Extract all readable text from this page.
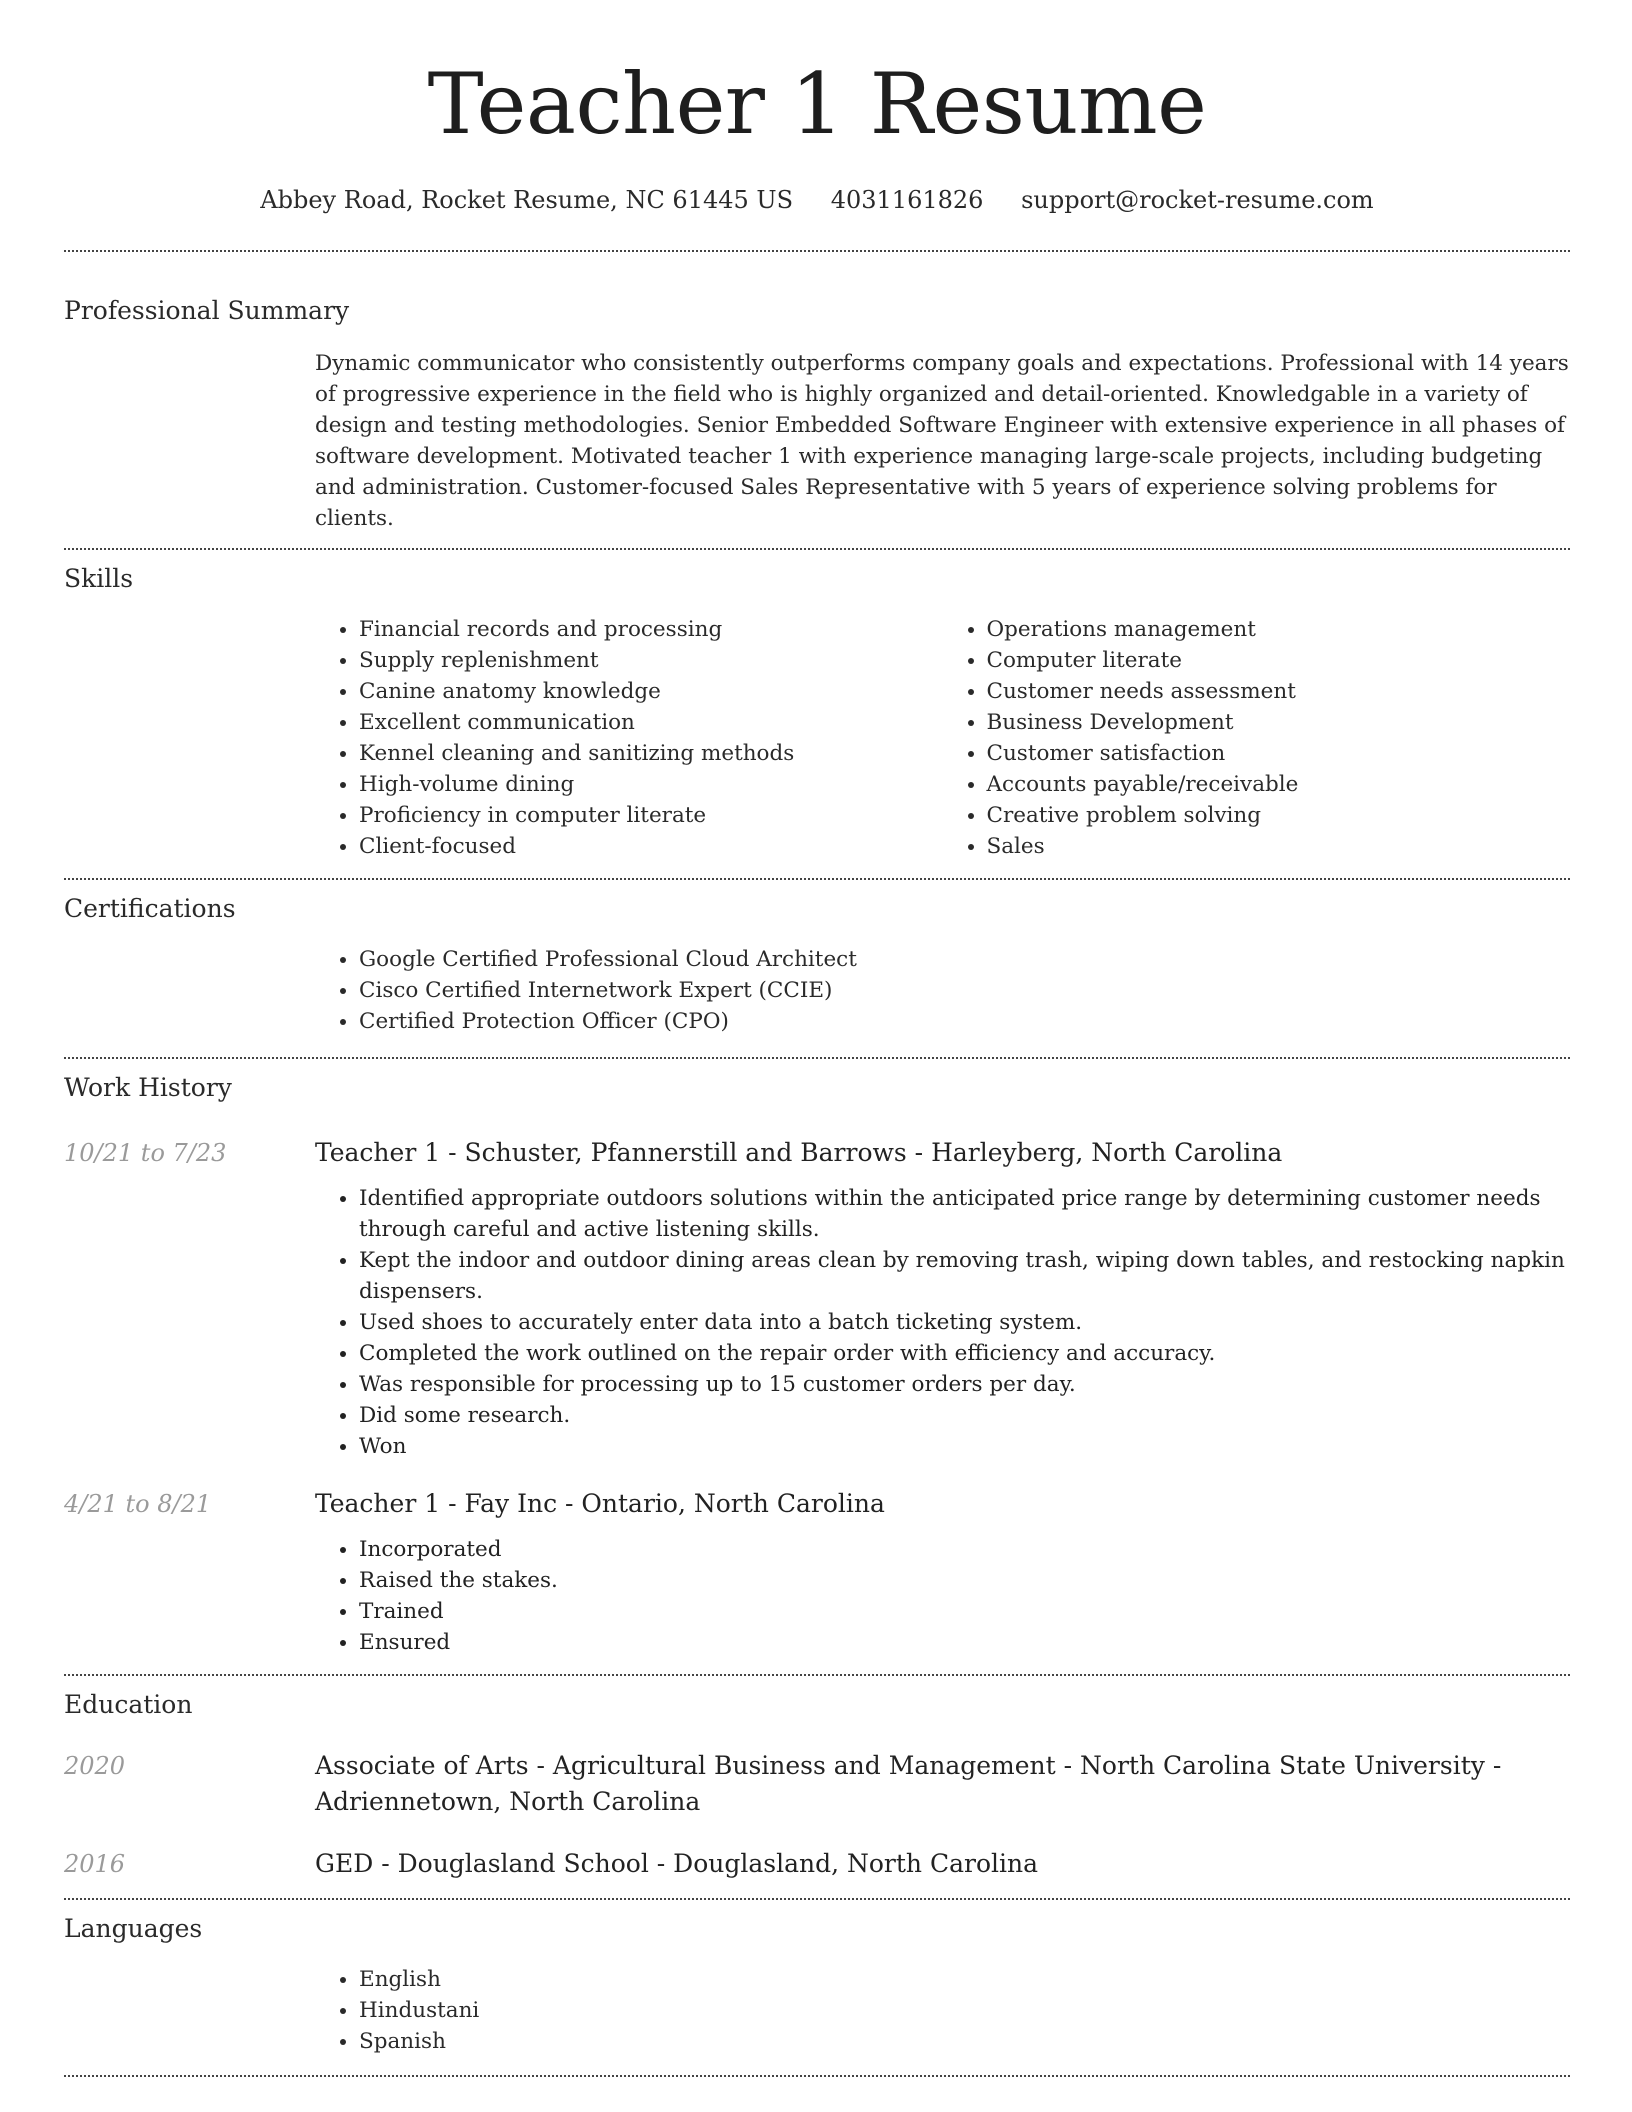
Teacher 1 Resume
Abbey Road, Rocket Resume, NC 61445 US 4031161826 support@rocket-resume.com
Professional Summary
Dynamic communicator who consistently outperforms company goals and expectations. Professional with 14 years of progressive experience in the field who is highly organized and detail-oriented. Knowledgable in a variety of design and testing methodologies. Senior Embedded Software Engineer with extensive experience in all phases of software development. Motivated teacher 1 with experience managing large-scale projects, including budgeting and administration. Customer-focused Sales Representative with 5 years of experience solving problems for clients.
Skills
• Financial records and processing
• Supply replenishment
• Canine anatomy knowledge
• Excellent communication
• Kennel cleaning and sanitizing methods
• High-volume dining
• Proficiency in computer literate
• Client-focused
• Operations management
• Computer literate
• Customer needs assessment
• Business Development
• Customer satisfaction
• Accounts payable/receivable
• Creative problem solving
• Sales
Certifications
• Google Certified Professional Cloud Architect
• Cisco Certified Internetwork Expert (CCIE)
• Certified Protection Officer (CPO)
Work History
10/21 to 7/23	Teacher 1 - Schuster, Pfannerstill and Barrows - Harleyberg, North Carolina
• Identified appropriate outdoors solutions within the anticipated price range by determining customer needs through careful and active listening skills.
• Kept the indoor and outdoor dining areas clean by removing trash, wiping down tables, and restocking napkin dispensers.
• Used shoes to accurately enter data into a batch ticketing system.
• Completed the work outlined on the repair order with efficiency and accuracy.
• Was responsible for processing up to 15 customer orders per day.
• Did some research.
• Won
4/21 to 8/21	Teacher 1 - Fay Inc - Ontario, North Carolina
• Incorporated
• Raised the stakes.
• Trained
• Ensured
Education
2020	Associate of Arts - Agricultural Business and Management - North Carolina State University - Adriennetown, North Carolina
2016	GED - Douglasland School - Douglasland, North Carolina
Languages
• English
• Hindustani
• Spanish
